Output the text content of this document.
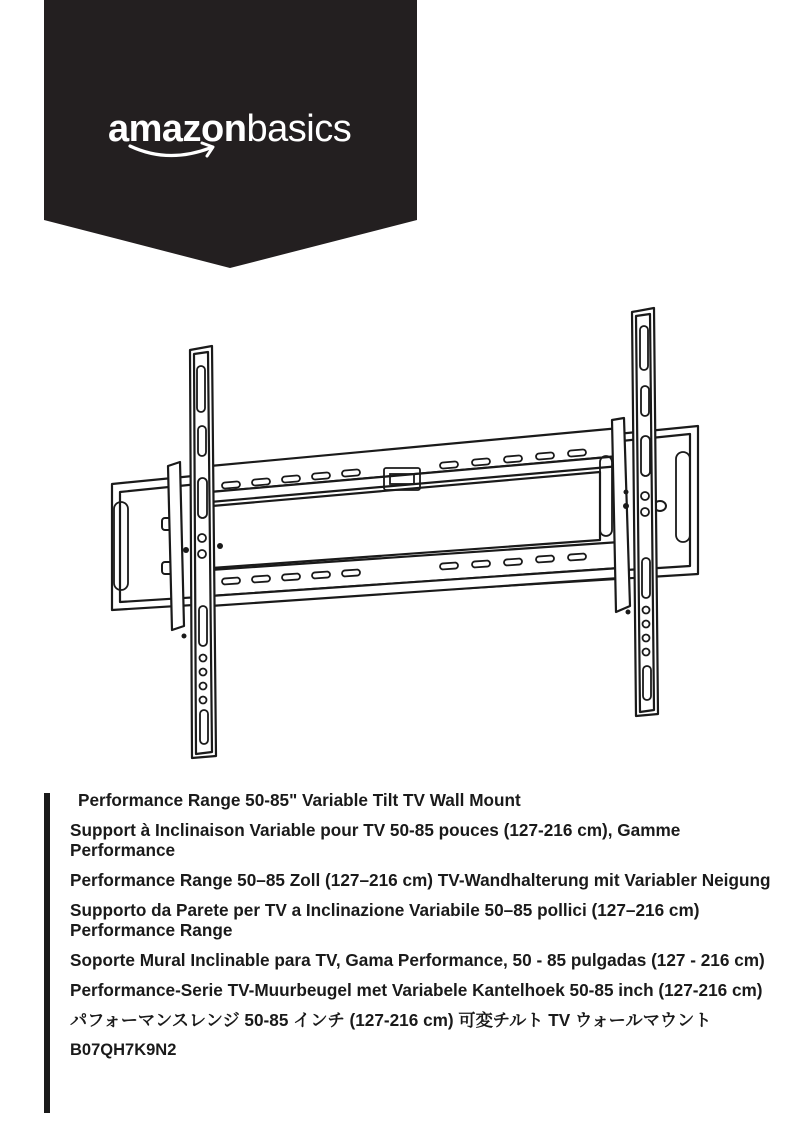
amazonbasics
Performance Range 50-85" Variable Tilt TV Wall Mount
Support à Inclinaison Variable pour TV 50-85 pouces (127-216 cm), Gamme Performance
Performance Range 50–85 Zoll (127–216 cm) TV-Wandhalterung mit Variabler Neigung
Supporto da Parete per TV a Inclinazione Variabile 50–85 pollici (127–216 cm) Performance Range
Soporte Mural Inclinable para TV, Gama Performance, 50 - 85 pulgadas (127 - 216 cm)
Performance-Serie TV-Muurbeugel met Variabele Kantelhoek 50-85 inch (127-216 cm)
パフォーマンスレンジ 50-85 インチ (127-216 cm) 可変チルト TV ウォールマウント
B07QH7K9N2
